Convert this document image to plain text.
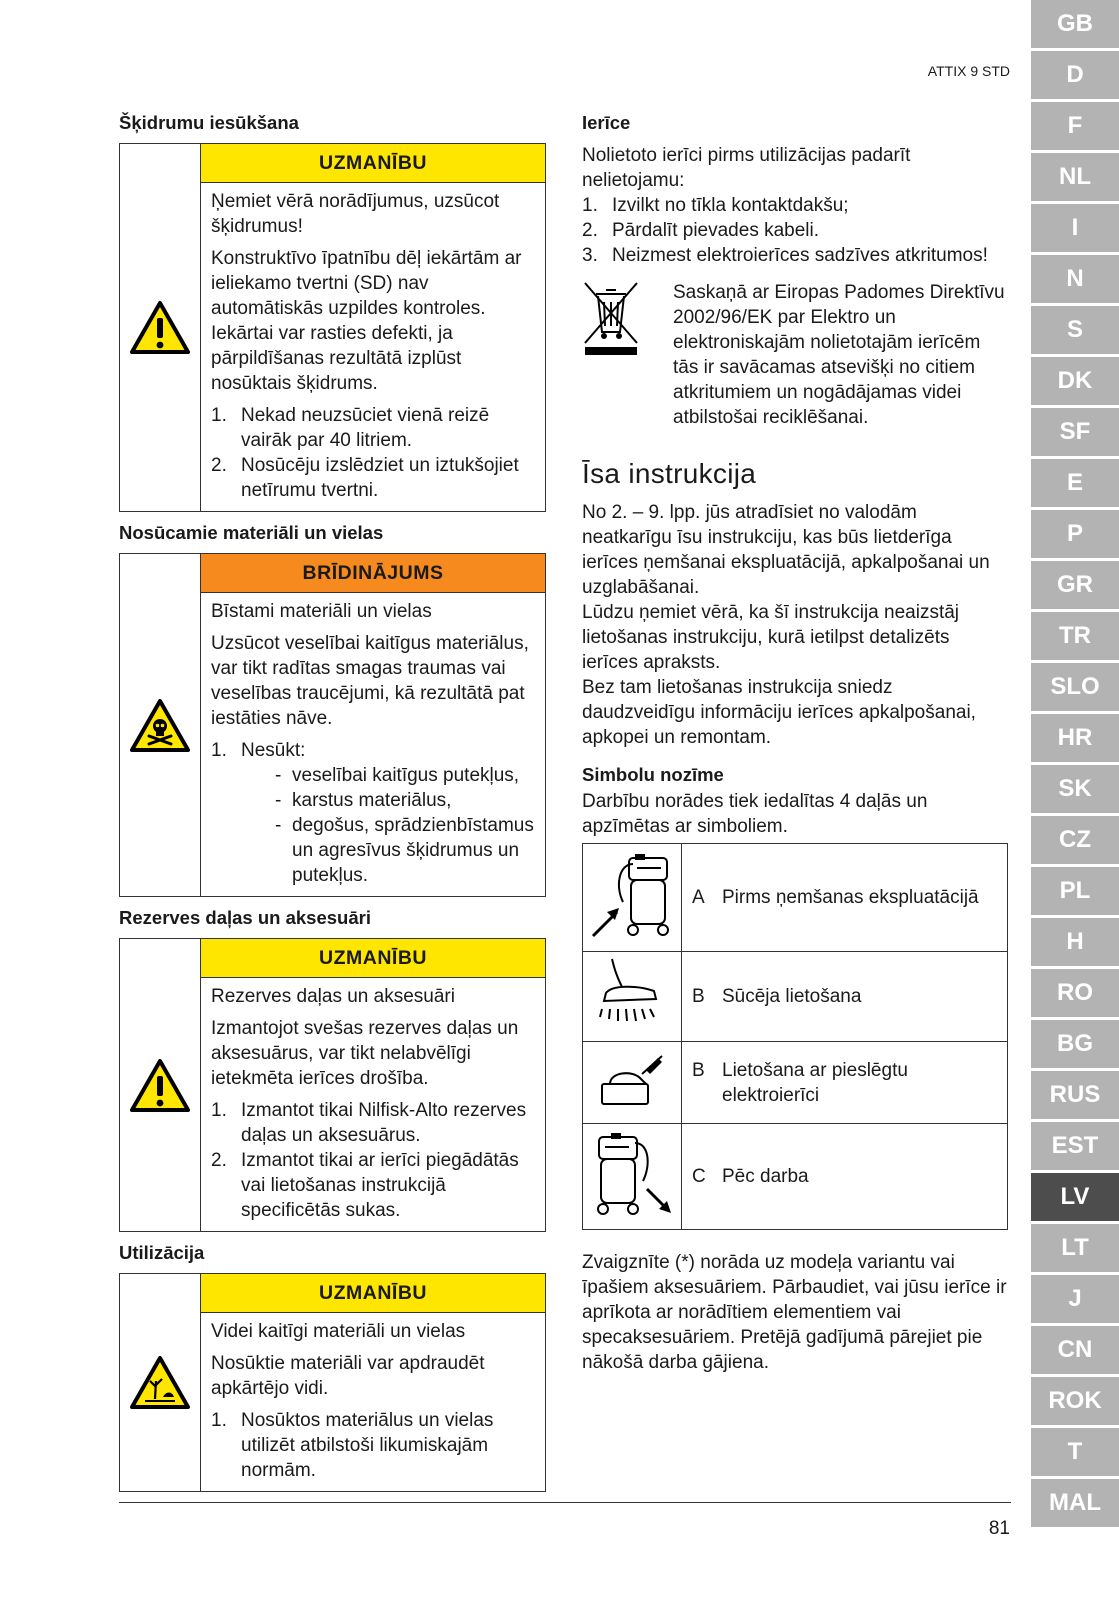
ATTIX 9 STD
Šķidrumu iesūkšana
UZMANĪBU

Ņemiet vērā norādījumus, uzsūcot šķidrumus!

Konstruktīvo īpatnību dēļ iekārtām ar ieliekamo tvertni (SD) nav automātiskās uzpildes kontroles. Iekārtai var rasties defekti, ja pārpildīšanas rezultātā izplūst nosūktais šķidrums.

1. Nekad neuzsūciet vienā reizē vairāk par 40 litriem.
2. Nosūcēju izslēdziet un iztukšojiet netīrumu tvertni.
Nosūcamie materiāli un vielas
BRĪDINĀJUMS

Bīstami materiāli un vielas

Uzsūcot veselībai kaitīgus materiālus, var tikt radītas smagas traumas vai veselības traucējumi, kā rezultātā pat iestāties nāve.

1. Nesūkt:
- veselībai kaitīgus putekļus,
- karstus materiālus,
- degošus, sprādzienbīstamus un agresīvus šķidrumus un putekļus.
Rezerves daļas un aksesuāri
UZMANĪBU

Rezerves daļas un aksesuāri

Izmantojot svešas rezerves daļas un aksesuārus, var tikt nelabvēlīgi ietekmēta ierīces drošība.

1. Izmantot tikai Nilfisk-Alto rezerves daļas un aksesuārus.
2. Izmantot tikai ar ierīci piegādātās vai lietošanas instrukcijā specificētās sukas.
Utilizācija
UZMANĪBU

Videi kaitīgi materiāli un vielas

Nosūktie materiāli var apdraudēt apkārtējo vidi.

1. Nosūktos materiālus un vielas utilizēt atbilstoši likumiskajām normām.
Ierīce

Nolietoto ierīci pirms utilizācijas padarīt nelietojamu:

1. Izvilkt no tīkla kontaktdakšu;
2. Pārdalīt pievades kabeli.
3. Neizmest elektroierīces sadzīves atkritumos!

Saskaņā ar Eiropas Padomes Direktīvu 2002/96/EK par Elektro un elektroniskajām nolietotajām ierīcēm tās ir savācamas atsevišķi no citiem atkritumiem un nogādājamas videi atbilstošai reciklēšanai.

Īsa instrukcija

No 2. – 9. lpp. jūs atradīsiet no valodām neatkarīgu īsu instrukciju, kas būs lietderīga ierīces ņemšanai ekspluatācijā, apkalpošanai un uzglabāšanai.

Lūdzu ņemiet vērā, ka šī instrukcija neaizstāj lietošanas instrukciju, kurā ietilpst detalizēts ierīces apraksts.

Bez tam lietošanas instrukcija sniedz daudzveidīgu informāciju ierīces apkalpošanai, apkopei un remontam.

Simbolu nozīme

Darbību norādes tiek iedalītas 4 daļās un apzīmētas ar simboliem.

A Pirms ņemšanas ekspluatācijā

B Sūcēja lietošana

B Lietošana ar pieslēgtu elektroierīci

C Pēc darba

Zvaigznīte (*) norāda uz modeļa variantu vai īpašiem aksesuāriem. Pārbaudiet, vai jūsu ierīce ir aprīkota ar norādītiem elementiem vai specaksesuāriem. Pretējā gadījumā pārejiet pie nākošā darba gājiena.

GB
D
F
NL
I
N
S
DK
SF
E
P
GR
TR
SLO
HR
SK
CZ
PL
H
RO
BG
RUS
EST
LV
LT
J
CN
ROK
T
MAL
81
